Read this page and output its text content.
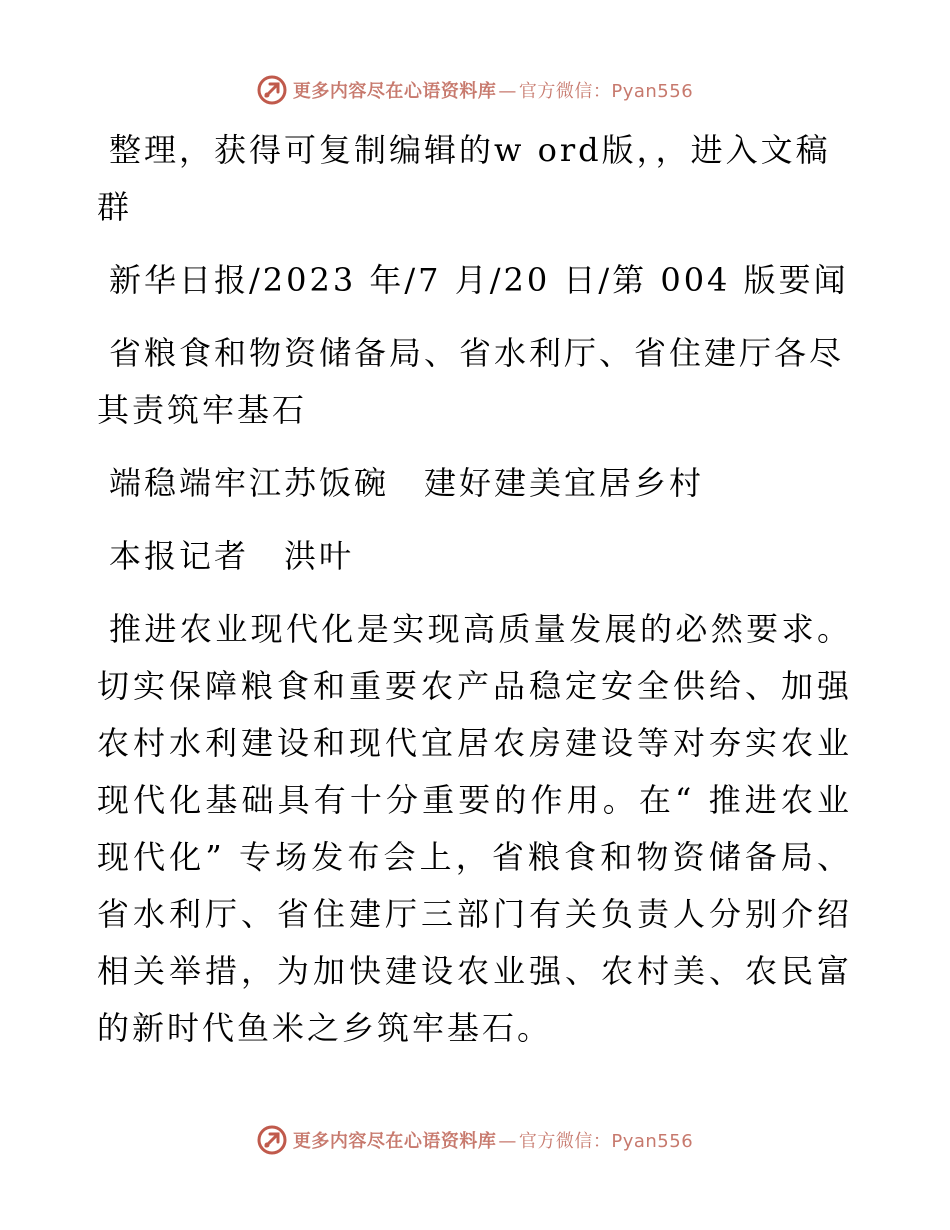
更多内容尽在心语资料库 — 官方微信：Pyan556

整理，获得可复制编辑的w ord版，，进入文稿群

新华日报/2023 年/7 月/20 日/第 004 版要闻

省粮食和物资储备局、省水利厅、省住建厅各尽其责筑牢基石

端稳端牢江苏饭碗　建好建美宜居乡村

本报记者　洪叶

推进农业现代化是实现高质量发展的必然要求。切实保障粮食和重要农产品稳定安全供给、加强农村水利建设和现代宜居农房建设等对夯实农业现代化基础具有十分重要的作用。在“ 推进农业现代化” 专场发布会上，省粮食和物资储备局、省水利厅、省住建厅三部门有关负责人分别介绍相关举措，为加快建设农业强、农村美、农民富的新时代鱼米之乡筑牢基石。

更多内容尽在心语资料库 — 官方微信：Pyan556
